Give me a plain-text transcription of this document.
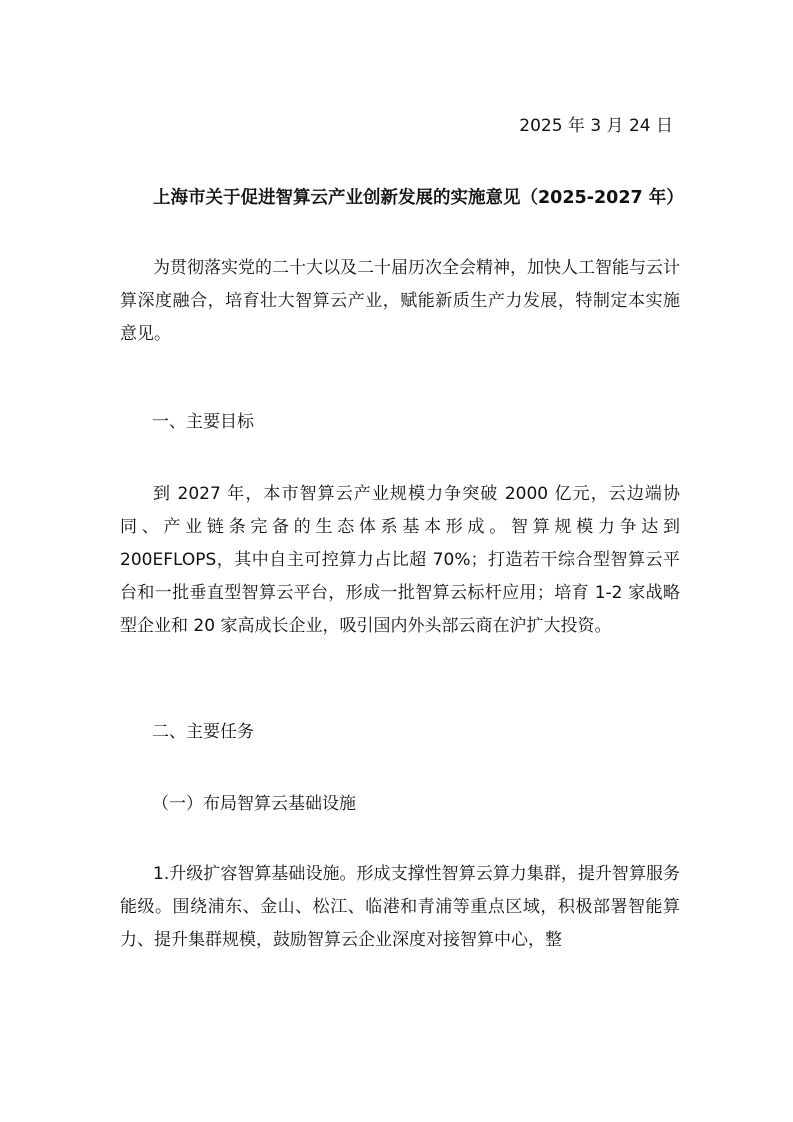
2025 年 3 月 24 日
上海市关于促进智算云产业创新发展的实施意见（2025-2027 年）
为贯彻落实党的二十大以及二十届历次全会精神，加快人工智能与云计算深度融合，培育壮大智算云产业，赋能新质生产力发展，特制定本实施意见。
一、主要目标
到 2027 年，本市智算云产业规模力争突破 2000 亿元，云边端协同、产业链条完备的生态体系基本形成。智算规模力争达到 200EFLOPS，其中自主可控算力占比超 70%；打造若干综合型智算云平台和一批垂直型智算云平台，形成一批智算云标杆应用；培育 1-2 家战略型企业和 20 家高成长企业，吸引国内外头部云商在沪扩大投资。
二、主要任务
（一）布局智算云基础设施
1.升级扩容智算基础设施。形成支撑性智算云算力集群，提升智算服务能级。围绕浦东、金山、松江、临港和青浦等重点区域，积极部署智能算力、提升集群规模，鼓励智算云企业深度对接智算中心，整
